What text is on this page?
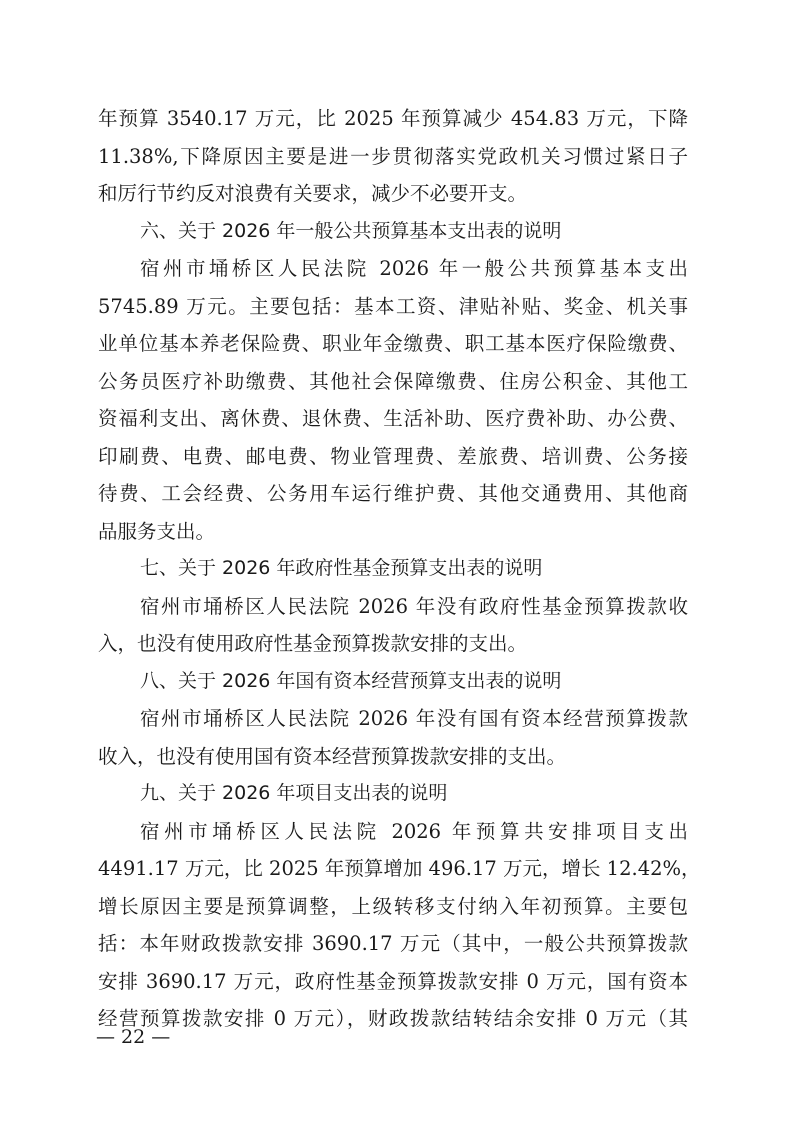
年预算 3540.17 万元，比 2025 年预算减少 454.83 万元，下降
11.38%,下降原因主要是进一步贯彻落实党政机关习惯过紧日子
和厉行节约反对浪费有关要求，减少不必要开支。
六、关于 2026 年一般公共预算基本支出表的说明
宿州市埇桥区人民法院 2026 年一般公共预算基本支出
5745.89 万元。主要包括：基本工资、津贴补贴、奖金、机关事
业单位基本养老保险费、职业年金缴费、职工基本医疗保险缴费、
公务员医疗补助缴费、其他社会保障缴费、住房公积金、其他工
资福利支出、离休费、退休费、生活补助、医疗费补助、办公费、
印刷费、电费、邮电费、物业管理费、差旅费、培训费、公务接
待费、工会经费、公务用车运行维护费、其他交通费用、其他商
品服务支出。
七、关于 2026 年政府性基金预算支出表的说明
宿州市埇桥区人民法院 2026 年没有政府性基金预算拨款收
入，也没有使用政府性基金预算拨款安排的支出。
八、关于 2026 年国有资本经营预算支出表的说明
宿州市埇桥区人民法院 2026 年没有国有资本经营预算拨款
收入，也没有使用国有资本经营预算拨款安排的支出。
九、关于 2026 年项目支出表的说明
宿州市埇桥区人民法院 2026 年预算共安排项目支出
4491.17 万元，比 2025 年预算增加 496.17 万元，增长 12.42%，
增长原因主要是预算调整，上级转移支付纳入年初预算。主要包
括：本年财政拨款安排 3690.17 万元（其中，一般公共预算拨款
安排 3690.17 万元，政府性基金预算拨款安排 0 万元，国有资本
经营预算拨款安排 0 万元），财政拨款结转结余安排 0 万元（其
— 22 —
